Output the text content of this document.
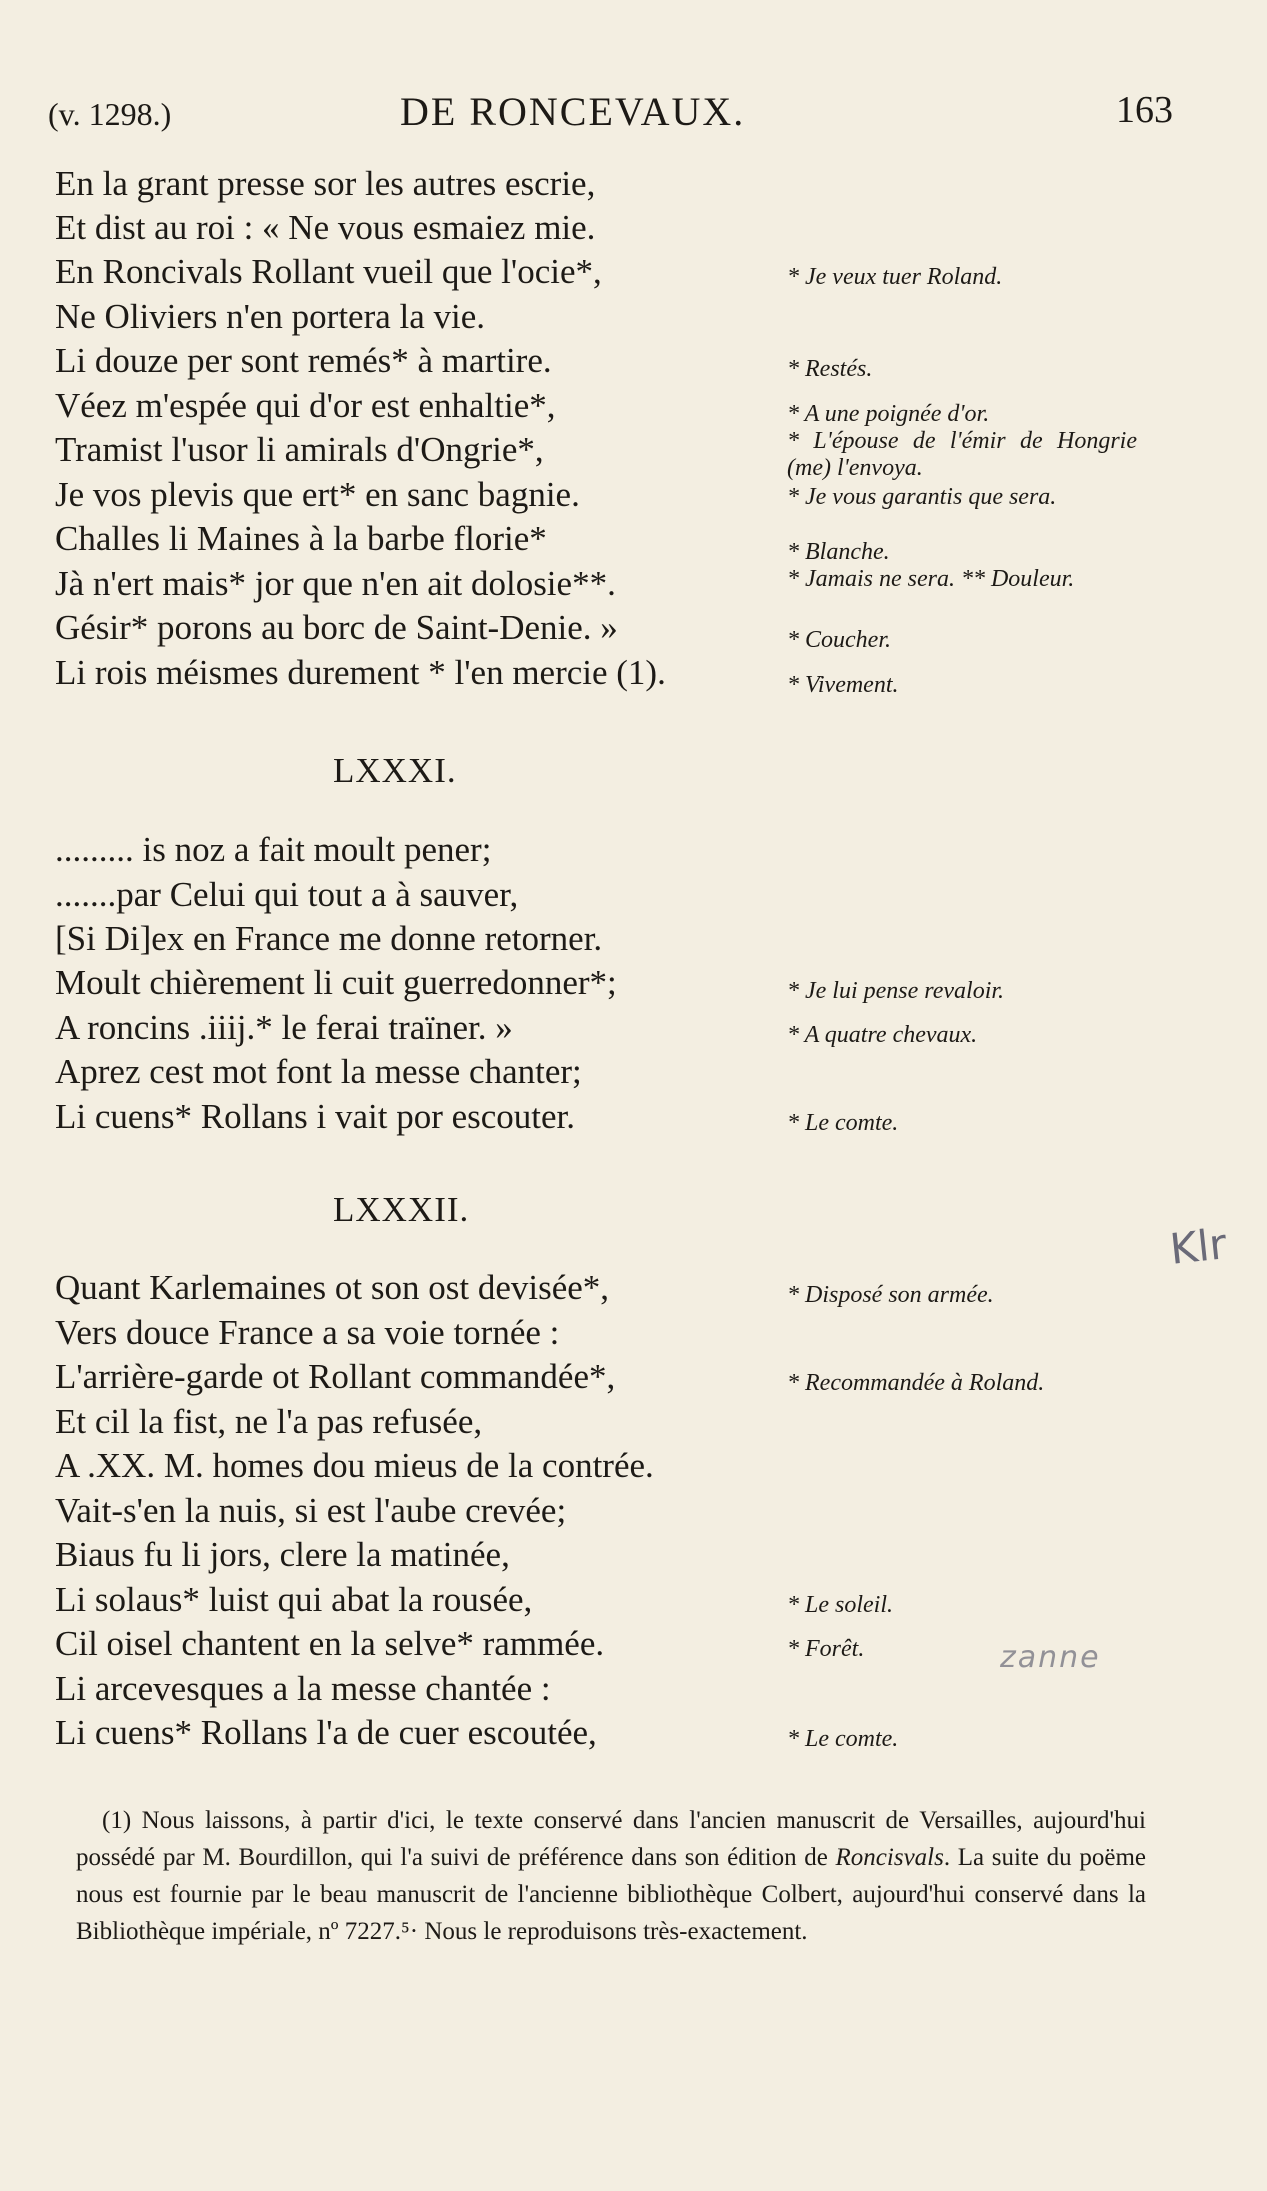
(v. 1298.)	DE RONCEVAUX.	163
En la grant presse sor les autres escrie,
Et dist au roi : « Ne vous esmaiez mie.
En Roncivals Rollant vueil que l'ocie*,	* Je veux tuer Roland.
Ne Oliviers n'en portera la vie.
Li douze per sont remés* à martire.	* Restés.
Véez m'espée qui d'or est enhaltie*,	* A une poignée d'or.
Tramist l'usor li amirals d'Ongrie*,	* L'épouse de l'émir de Hongrie (me) l'envoya.
Je vos plevis que ert* en sanc bagnie.	* Je vous garantis que sera.
Challes li Maines à la barbe florie*	* Blanche.
Jà n'ert mais* jor que n'en ait dolosie**.	* Jamais ne sera. ** Douleur.
Gésir* porons au borc de Saint-Denie. »	* Coucher.
Li rois méismes durement * l'en mercie (1).	* Vivement.
LXXXI.
......... is noz a fait moult pener;
.......par Celui qui tout a à sauver,
[Si Di]ex en France me donne retorner.
Moult chièrement li cuit guerredonner*;	* Je lui pense revaloir.
A roncins .iiij.* le ferai traïner. »	* A quatre chevaux.
Aprez cest mot font la messe chanter;
Li cuens* Rollans i vait por escouter.	* Le comte.
LXXXII.
Quant Karlemaines ot son ost devisée*,	* Disposé son armée.
Vers douce France a sa voie tornée :
L'arrière-garde ot Rollant commandée*,	* Recommandée à Roland.
Et cil la fist, ne l'a pas refusée,
A .XX. M. homes dou mieus de la contrée.
Vait-s'en la nuis, si est l'aube crevée;
Biaus fu li jors, clere la matinée,
Li solaus* luist qui abat la rousée,	* Le soleil.
Cil oisel chantent en la selve* rammée.	* Forêt.
Li arcevesques a la messe chantée :
Li cuens* Rollans l'a de cuer escoutée,	* Le comte.
(1) Nous laissons, à partir d'ici, le texte conservé dans l'ancien manuscrit de Versailles, aujourd'hui possédé par M. Bourdillon, qui l'a suivi de préférence dans son édition de Roncisvals. La suite du poëme nous est fournie par le beau manuscrit de l'ancienne bibliothèque Colbert, aujourd'hui conservé dans la Bibliothèque impériale, nº 7227.⁵· Nous le reproduisons très-exactement.
Klr
zanne
